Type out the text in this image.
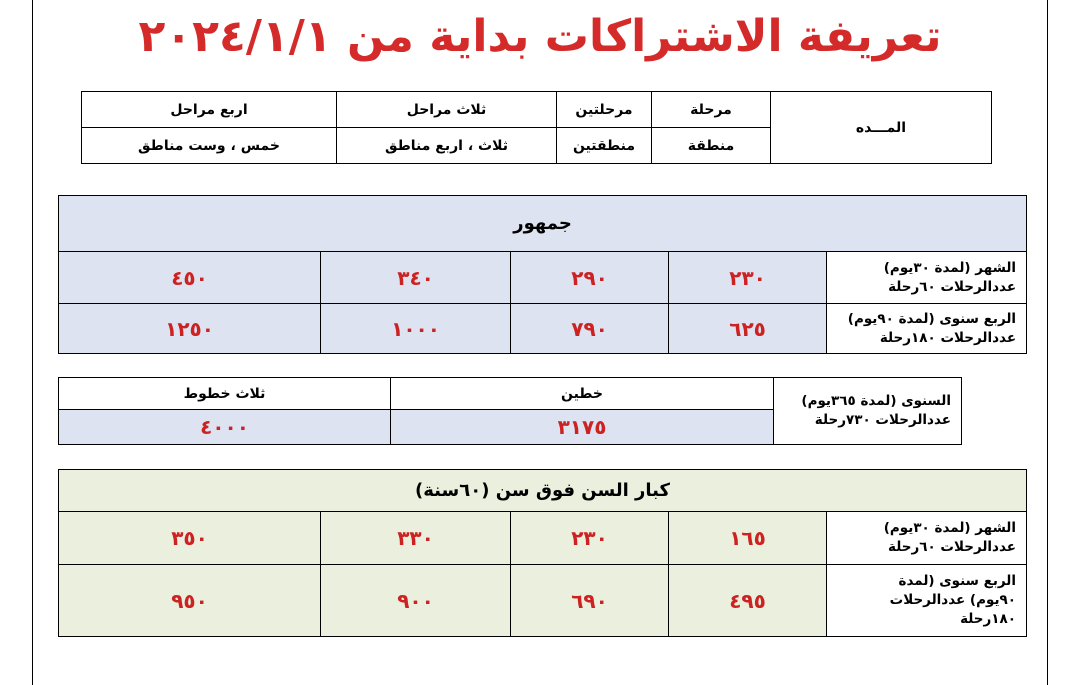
تعريفة الاشتراكات بداية من ٢٠٢٤/١/١
المـــده	مرحلة	مرحلتين	ثلاث مراحل	اربع مراحل
	منطقة	منطقتين	ثلاث ، اربع مناطق	خمس ، وست مناطق
جمهور				
الشهر (لمدة ٣٠يوم)
عددالرحلات ٦٠رحلة	٢٣٠	٢٩٠	٣٤٠	٤٥٠
الربع سنوى (لمدة ٩٠يوم)
عددالرحلات ١٨٠رحلة	٦٢٥	٧٩٠	١٠٠٠	١٢٥٠
السنوى (لمدة ٣٦٥يوم)
عددالرحلات ٧٣٠رحلة	خطين	ثلاث خطوط
	٣١٧٥	٤٠٠٠
كبار السن فوق سن (٦٠سنة)				
الشهر (لمدة ٣٠يوم)
عددالرحلات ٦٠رحلة	١٦٥	٢٣٠	٣٣٠	٣٥٠
الربع سنوى (لمدة
٩٠يوم) عددالرحلات
١٨٠رحلة	٤٩٥	٦٩٠	٩٠٠	٩٥٠
